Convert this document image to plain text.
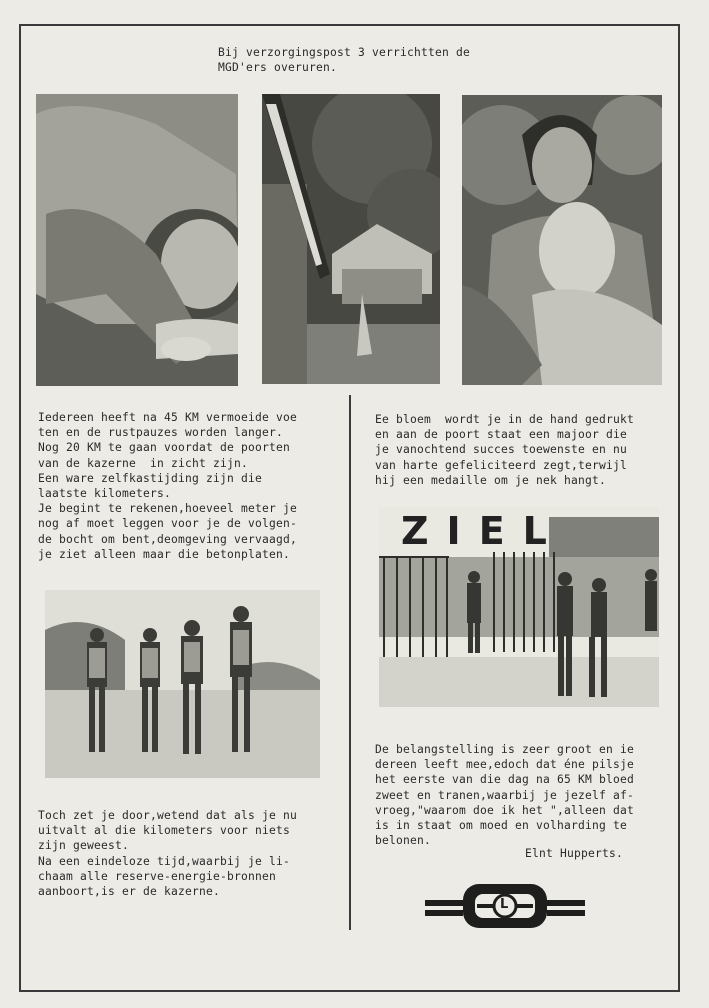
Bij verzorgingspost 3 verrichtten de
MGD'ers overuren.
Iedereen heeft na 45 KM vermoeide voe
ten en de rustpauzes worden langer.
Nog 20 KM te gaan voordat de poorten
van de kazerne  in zicht zijn.
Een ware zelfkastijding zijn die
laatste kilometers.
Je begint te rekenen,hoeveel meter je
nog af moet leggen voor je de volgen-
de bocht om bent,deomgeving vervaagd,
je ziet alleen maar die betonplaten.
Ee bloem  wordt je in de hand gedrukt
en aan de poort staat een majoor die
je vanochtend succes toewenste en nu
van harte gefeliciteerd zegt,terwijl
hij een medaille om je nek hangt.
ZIEL
Toch zet je door,wetend dat als je nu
uitvalt al die kilometers voor niets
zijn geweest.
Na een eindeloze tijd,waarbij je li-
chaam alle reserve-energie-bronnen
aanboort,is er de kazerne.
De belangstelling is zeer groot en ie
dereen leeft mee,edoch dat éne pilsje
het eerste van die dag na 65 KM bloed
zweet en tranen,waarbij je jezelf af-
vroeg,"waarom doe ik het ",alleen dat
is in staat om moed en volharding te
belonen.
Elnt Hupperts.
L
